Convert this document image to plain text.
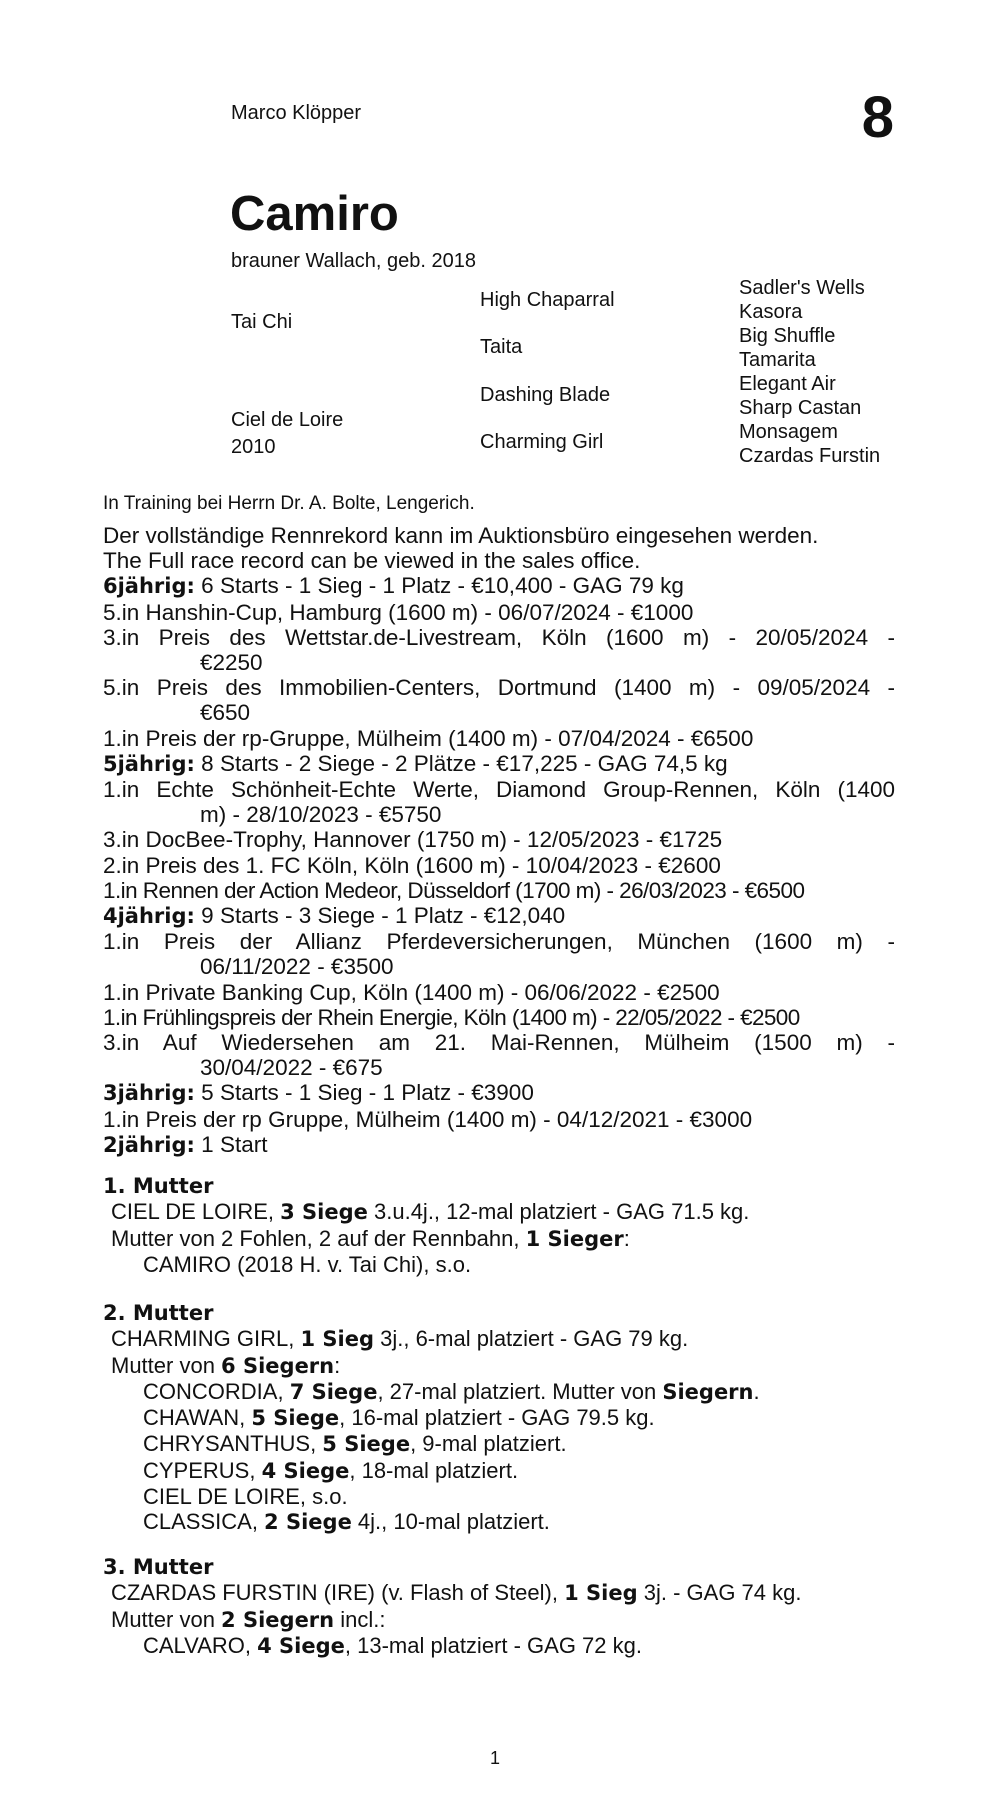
Marco Klöpper	8
Camiro
brauner Wallach, geb. 2018
Tai Chi
Ciel de Loire
2010
High Chaparral
Taita
Dashing Blade
Charming Girl
Sadler's Wells
Kasora
Big Shuffle
Tamarita
Elegant Air
Sharp Castan
Monsagem
Czardas Furstin
In Training bei Herrn Dr. A. Bolte, Lengerich.
Der vollständige Rennrekord kann im Auktionsbüro eingesehen werden.
The Full race record can be viewed in the sales office.
6jährig: 6 Starts - 1 Sieg - 1 Platz - €10,400 - GAG 79 kg
5.in Hanshin-Cup, Hamburg (1600 m) - 06/07/2024 - €1000
3.in Preis des Wettstar.de-Livestream, Köln (1600 m) - 20/05/2024 -
€2250
5.in Preis des Immobilien-Centers, Dortmund (1400 m) - 09/05/2024 -
€650
1.in Preis der rp-Gruppe, Mülheim (1400 m) - 07/04/2024 - €6500
5jährig: 8 Starts - 2 Siege - 2 Plätze - €17,225 - GAG 74,5 kg
1.in Echte Schönheit-Echte Werte, Diamond Group-Rennen, Köln (1400
m) - 28/10/2023 - €5750
3.in DocBee-Trophy, Hannover (1750 m) - 12/05/2023 - €1725
2.in Preis des 1. FC Köln, Köln (1600 m) - 10/04/2023 - €2600
1.in Rennen der Action Medeor, Düsseldorf (1700 m) - 26/03/2023 - €6500
4jährig: 9 Starts - 3 Siege - 1 Platz - €12,040
1.in Preis der Allianz Pferdeversicherungen, München (1600 m) -
06/11/2022 - €3500
1.in Private Banking Cup, Köln (1400 m) - 06/06/2022 - €2500
1.in Frühlingspreis der Rhein Energie, Köln (1400 m) - 22/05/2022 - €2500
3.in Auf Wiedersehen am 21. Mai-Rennen, Mülheim (1500 m) -
30/04/2022 - €675
3jährig: 5 Starts - 1 Sieg - 1 Platz - €3900
1.in Preis der rp Gruppe, Mülheim (1400 m) - 04/12/2021 - €3000
2jährig: 1 Start
1. Mutter
CIEL DE LOIRE, 3 Siege 3.u.4j., 12-mal platziert - GAG 71.5 kg.
Mutter von 2 Fohlen, 2 auf der Rennbahn, 1 Sieger:
CAMIRO (2018 H. v. Tai Chi), s.o.
2. Mutter
CHARMING GIRL, 1 Sieg 3j., 6-mal platziert - GAG 79 kg.
Mutter von 6 Siegern:
CONCORDIA, 7 Siege, 27-mal platziert. Mutter von Siegern.
CHAWAN, 5 Siege, 16-mal platziert - GAG 79.5 kg.
CHRYSANTHUS, 5 Siege, 9-mal platziert.
CYPERUS, 4 Siege, 18-mal platziert.
CIEL DE LOIRE, s.o.
CLASSICA, 2 Siege 4j., 10-mal platziert.
3. Mutter
CZARDAS FURSTIN (IRE) (v. Flash of Steel), 1 Sieg 3j. - GAG 74 kg.
Mutter von 2 Siegern incl.:
CALVARO, 4 Siege, 13-mal platziert - GAG 72 kg.
1
